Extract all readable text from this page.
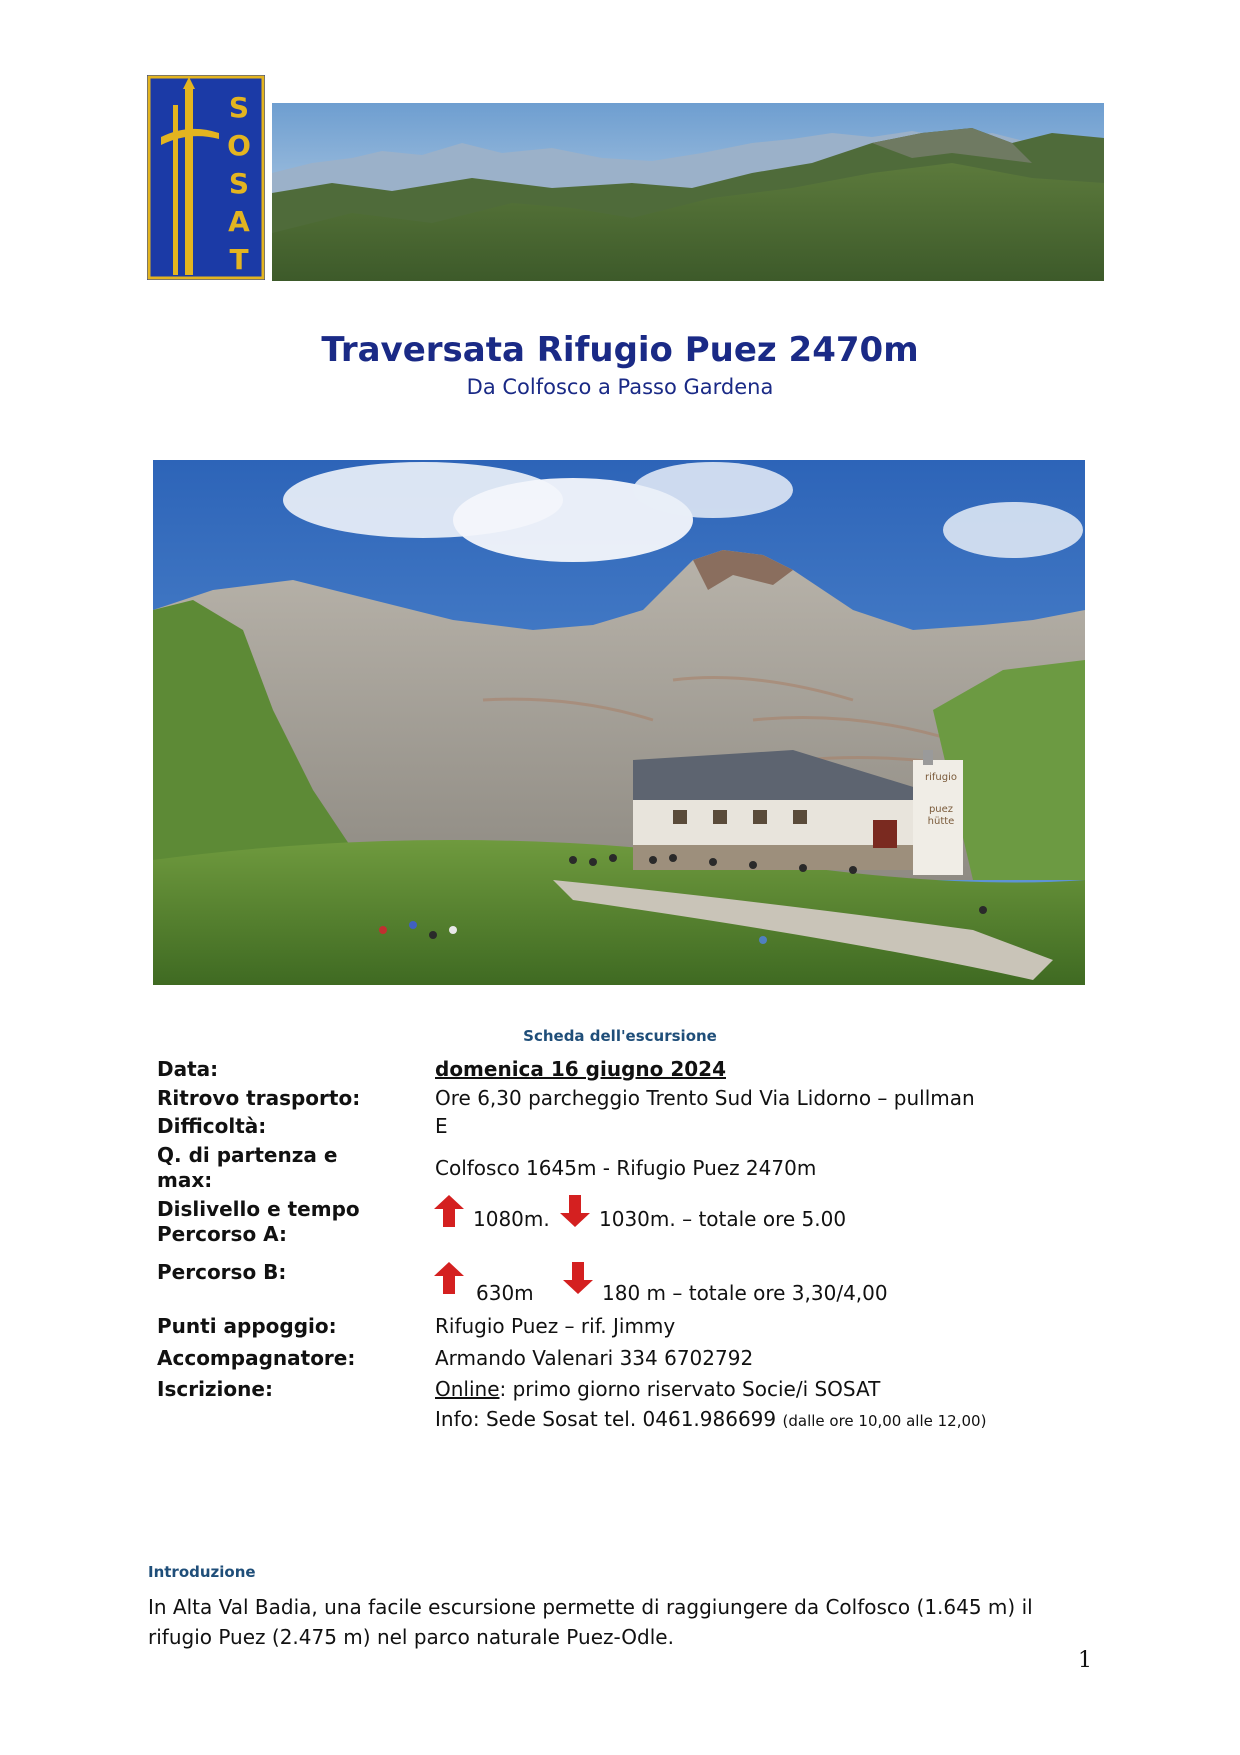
S
O
S
A
T
Traversata Rifugio Puez 2470m
Da Colfosco a Passo Gardena
rifugio
puez
hütte
Scheda dell'escursione
Data:	domenica 16 giugno 2024
Ritrovo trasporto:	Ore 6,30 parcheggio Trento Sud Via Lidorno – pullman
Difficoltà:	E
Q. di partenza e
max:	Colfosco 1645m - Rifugio Puez 2470m
Dislivello e tempo
Percorso A:
1080m. 1030m. – totale ore 5.00
Percorso B:
630m	180 m – totale ore 3,30/4,00
Punti appoggio:	Rifugio Puez – rif. Jimmy
Accompagnatore:	Armando Valenari 334 6702792
Iscrizione:	Online: primo giorno riservato Socie/i SOSAT
Info: Sede Sosat tel. 0461.986699 (dalle ore 10,00 alle 12,00)
Introduzione
In Alta Val Badia, una facile escursione permette di raggiungere da Colfosco (1.645 m) il rifugio Puez (2.475 m) nel parco naturale Puez-Odle.
1
